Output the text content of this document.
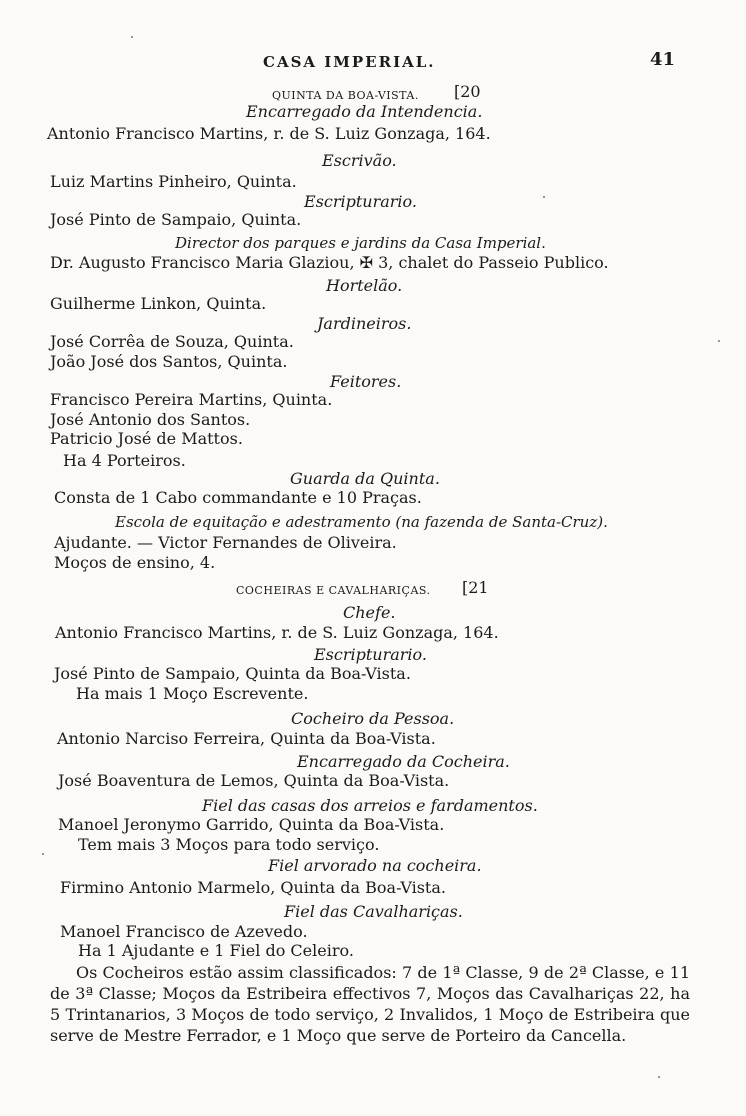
CASA IMPERIAL.	41
QUINTA DA BOA-VISTA. [20
Encarregado da Intendencia.
Antonio Francisco Martins, r. de S. Luiz Gonzaga, 164.
Escrivão.
Luiz Martins Pinheiro, Quinta.
Escripturario.
José Pinto de Sampaio, Quinta.
Director dos parques e jardins da Casa Imperial.
Dr. Augusto Francisco Maria Glaziou, ✠ 3, chalet do Passeio Publico.
Hortelão.
Guilherme Linkon, Quinta.
Jardineiros.
José Corrêa de Souza, Quinta.
João José dos Santos, Quinta.
Feitores.
Francisco Pereira Martins, Quinta.
José Antonio dos Santos.
Patricio José de Mattos.
Ha 4 Porteiros.
Guarda da Quinta.
Consta de 1 Cabo commandante e 10 Praças.
Escola de equitação e adestramento (na fazenda de Santa-Cruz).
Ajudante. — Victor Fernandes de Oliveira.
Moços de ensino, 4.
COCHEIRAS E CAVALHARIÇAS. [21
Chefe.
Antonio Francisco Martins, r. de S. Luiz Gonzaga, 164.
Escripturario.
José Pinto de Sampaio, Quinta da Boa-Vista.
Ha mais 1 Moço Escrevente.
Cocheiro da Pessoa.
Antonio Narciso Ferreira, Quinta da Boa-Vista.
Encarregado da Cocheira.
José Boaventura de Lemos, Quinta da Boa-Vista.
Fiel das casas dos arreios e fardamentos.
Manoel Jeronymo Garrido, Quinta da Boa-Vista.
Tem mais 3 Moços para todo serviço.
Fiel arvorado na cocheira.
Firmino Antonio Marmelo, Quinta da Boa-Vista.
Fiel das Cavalhariças.
Manoel Francisco de Azevedo.
Ha 1 Ajudante e 1 Fiel do Celeiro.
Os Cocheiros estão assim classificados: 7 de 1ª Classe, 9 de 2ª Classe, e 11 de 3ª Classe; Moços da Estribeira effectivos 7, Moços das Cavalhariças 22, ha 5 Trintanarios, 3 Moços de todo serviço, 2 Invalidos, 1 Moço de Estribeira que serve de Mestre Ferrador, e 1 Moço que serve de Porteiro da Cancella.
